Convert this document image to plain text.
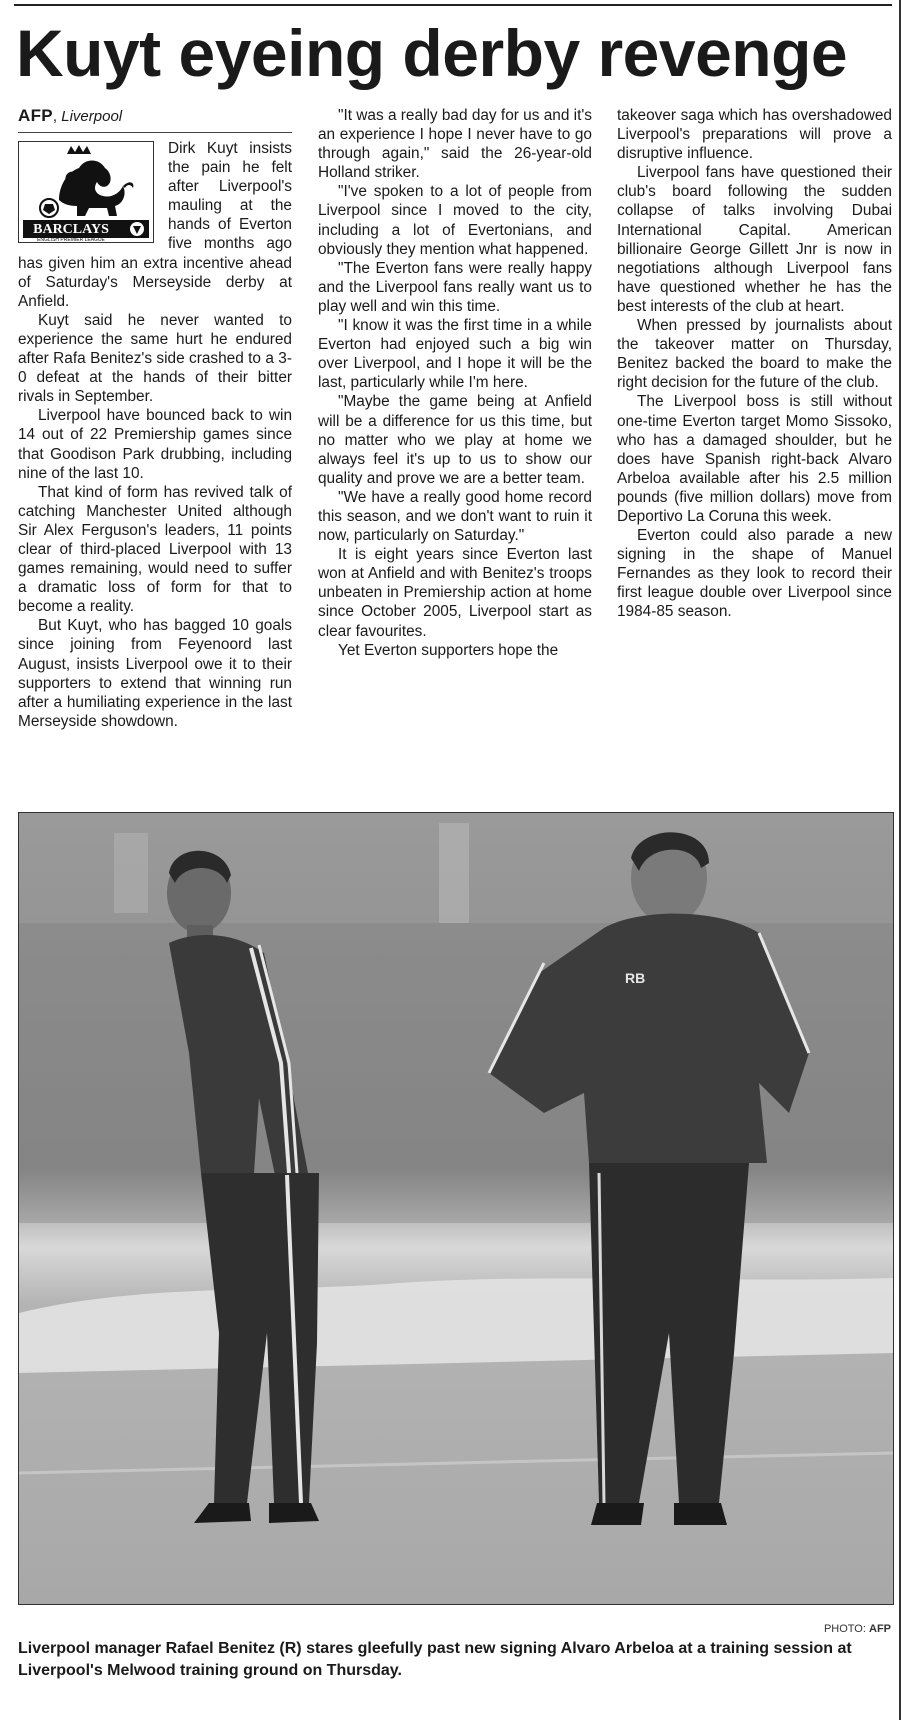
Kuyt eyeing derby revenge
AFP, Liverpool
BARCLAYS
ENGLISH PREMIER LEAGUE

Dirk Kuyt insists the pain he felt after Liverpool's mauling at the hands of Everton five months ago has given him an extra incentive ahead of Saturday's Merseyside derby at Anfield.

Kuyt said he never wanted to experience the same hurt he endured after Rafa Benitez's side crashed to a 3-0 defeat at the hands of their bitter rivals in September.

Liverpool have bounced back to win 14 out of 22 Premiership games since that Goodison Park drubbing, including nine of the last 10.

That kind of form has revived talk of catching Manchester United although Sir Alex Ferguson's leaders, 11 points clear of third-placed Liverpool with 13 games remaining, would need to suffer a dramatic loss of form for that to become a reality.

But Kuyt, who has bagged 10 goals since joining from Feyenoord last August, insists Liverpool owe it to their supporters to extend that winning run after a humiliating experience in the last Merseyside showdown.

"It was a really bad day for us and it's an experience I hope I never have to go through again," said the 26-year-old Holland striker.

"I've spoken to a lot of people from Liverpool since I moved to the city, including a lot of Evertonians, and obviously they mention what happened.

"The Everton fans were really happy and the Liverpool fans really want us to play well and win this time.

"I know it was the first time in a while Everton had enjoyed such a big win over Liverpool, and I hope it will be the last, particularly while I'm here.

"Maybe the game being at Anfield will be a difference for us this time, but no matter who we play at home we always feel it's up to us to show our quality and prove we are a better team.

"We have a really good home record this season, and we don't want to ruin it now, particularly on Saturday."

It is eight years since Everton last won at Anfield and with Benitez's troops unbeaten in Premiership action at home since October 2005, Liverpool start as clear favourites.

Yet Everton supporters hope the

takeover saga which has overshadowed Liverpool's preparations will prove a disruptive influence.

Liverpool fans have questioned their club's board following the sudden collapse of talks involving Dubai International Capital. American billionaire George Gillett Jnr is now in negotiations although Liverpool fans have questioned whether he has the best interests of the club at heart.

When pressed by journalists about the takeover matter on Thursday, Benitez backed the board to make the right decision for the future of the club.

The Liverpool boss is still without one-time Everton target Momo Sissoko, who has a damaged shoulder, but he does have Spanish right-back Alvaro Arbeloa available after his 2.5 million pounds (five million dollars) move from Deportivo La Coruna this week.

Everton could also parade a new signing in the shape of Manuel Fernandes as they look to record their first league double over Liverpool since 1984-85 season.

RB
PHOTO: AFP

Liverpool manager Rafael Benitez (R) stares gleefully past new signing Alvaro Arbeloa at a training session at Liverpool's Melwood training ground on Thursday.
